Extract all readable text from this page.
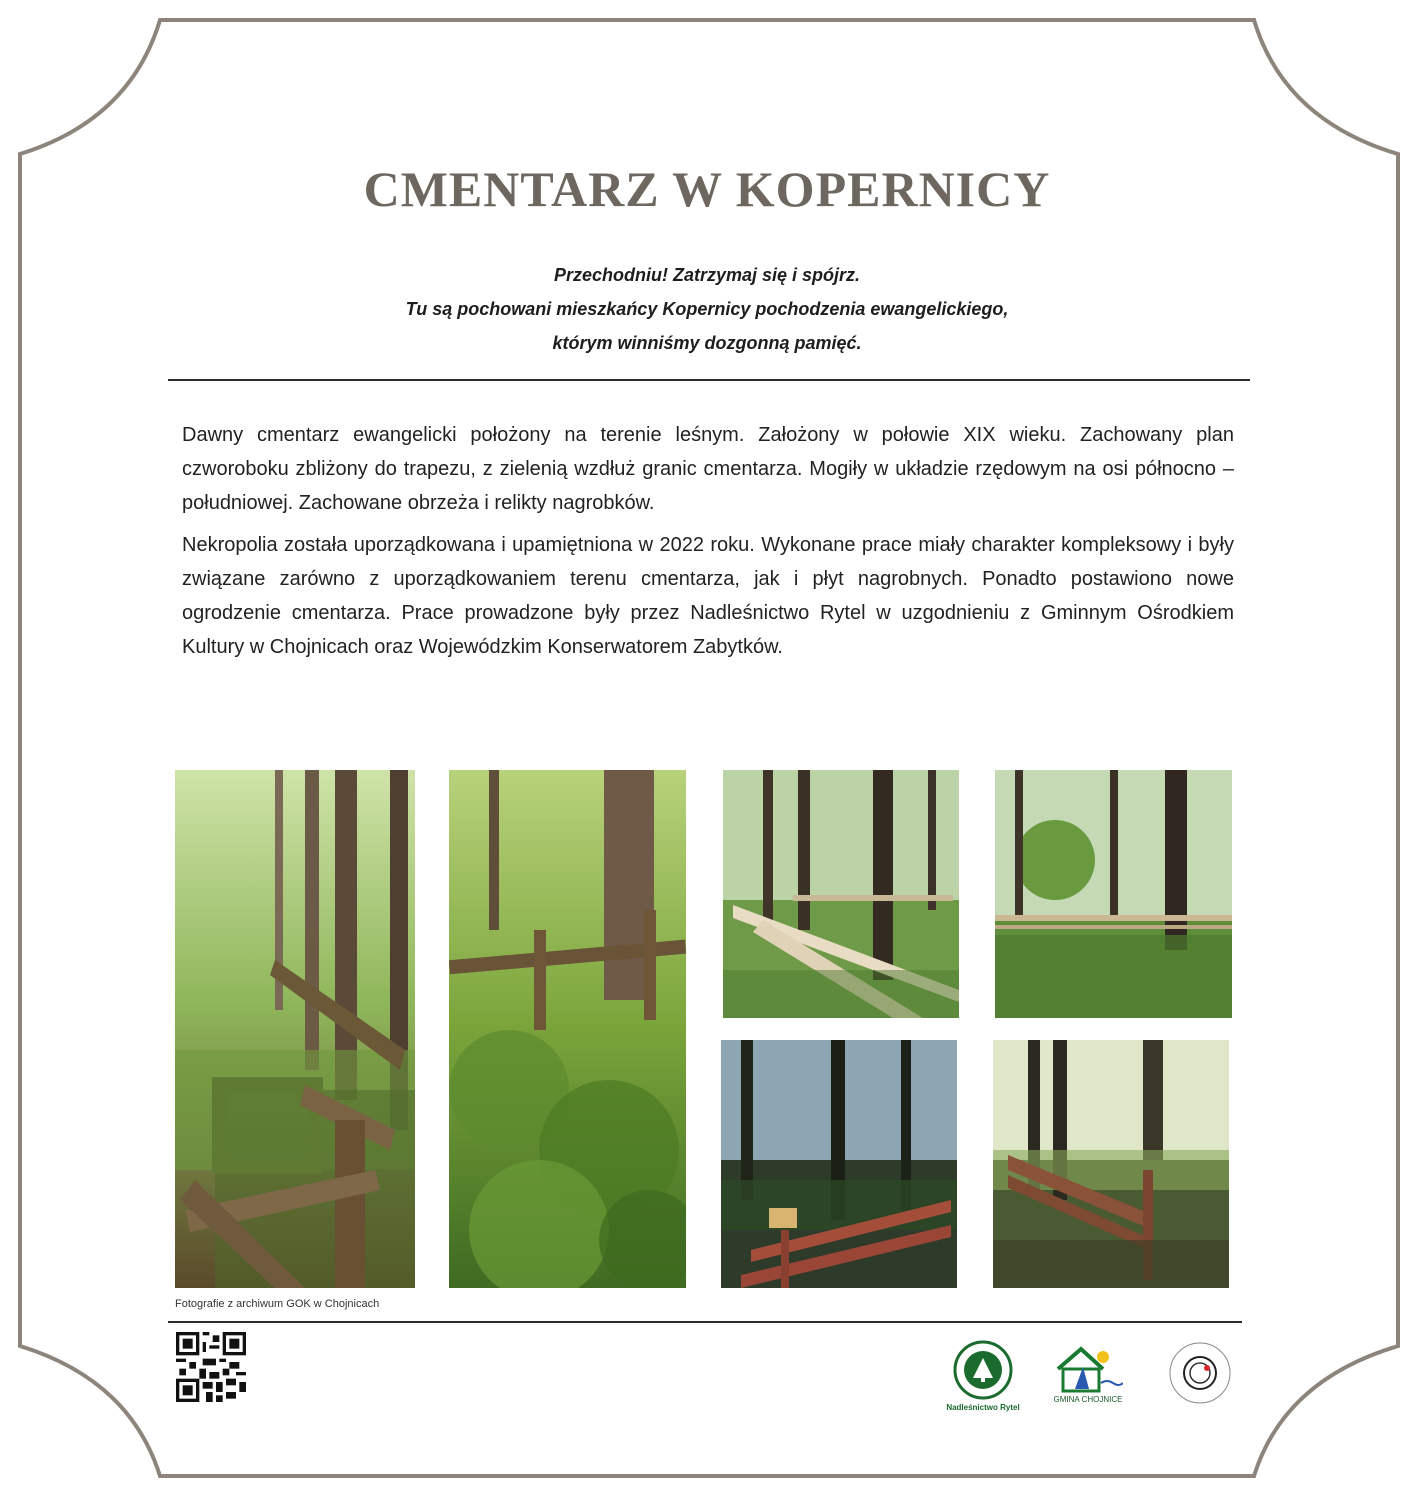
CMENTARZ W KOPERNICY
Przechodniu! Zatrzymaj się i spójrz.
Tu są pochowani mieszkańcy Kopernicy pochodzenia ewangelickiego,
którym winniśmy dozgonną pamięć.

Dawny cmentarz ewangelicki położony na terenie leśnym. Założony w połowie XIX wieku. Zachowany plan czworoboku zbliżony do trapezu, z zielenią wzdłuż granic cmentarza. Mogiły w układzie rzędowym na osi północno – południowej. Zachowane obrzeża i relikty nagrobków.

Nekropolia została uporządkowana i upamiętniona w 2022 roku. Wykonane prace miały charakter kompleksowy i były związane zarówno z uporządkowaniem terenu cmentarza, jak i płyt nagrobnych. Ponadto postawiono nowe ogrodzenie cmentarza. Prace prowadzone były przez Nadleśnictwo Rytel w uzgodnieniu z Gminnym Ośrodkiem Kultury w Chojnicach oraz Wojewódzkim Konserwatorem Zabytków.

Fotografie z archiwum GOK w Chojnicach
Nadleśnictwo Rytel
GMINA CHOJNICE
